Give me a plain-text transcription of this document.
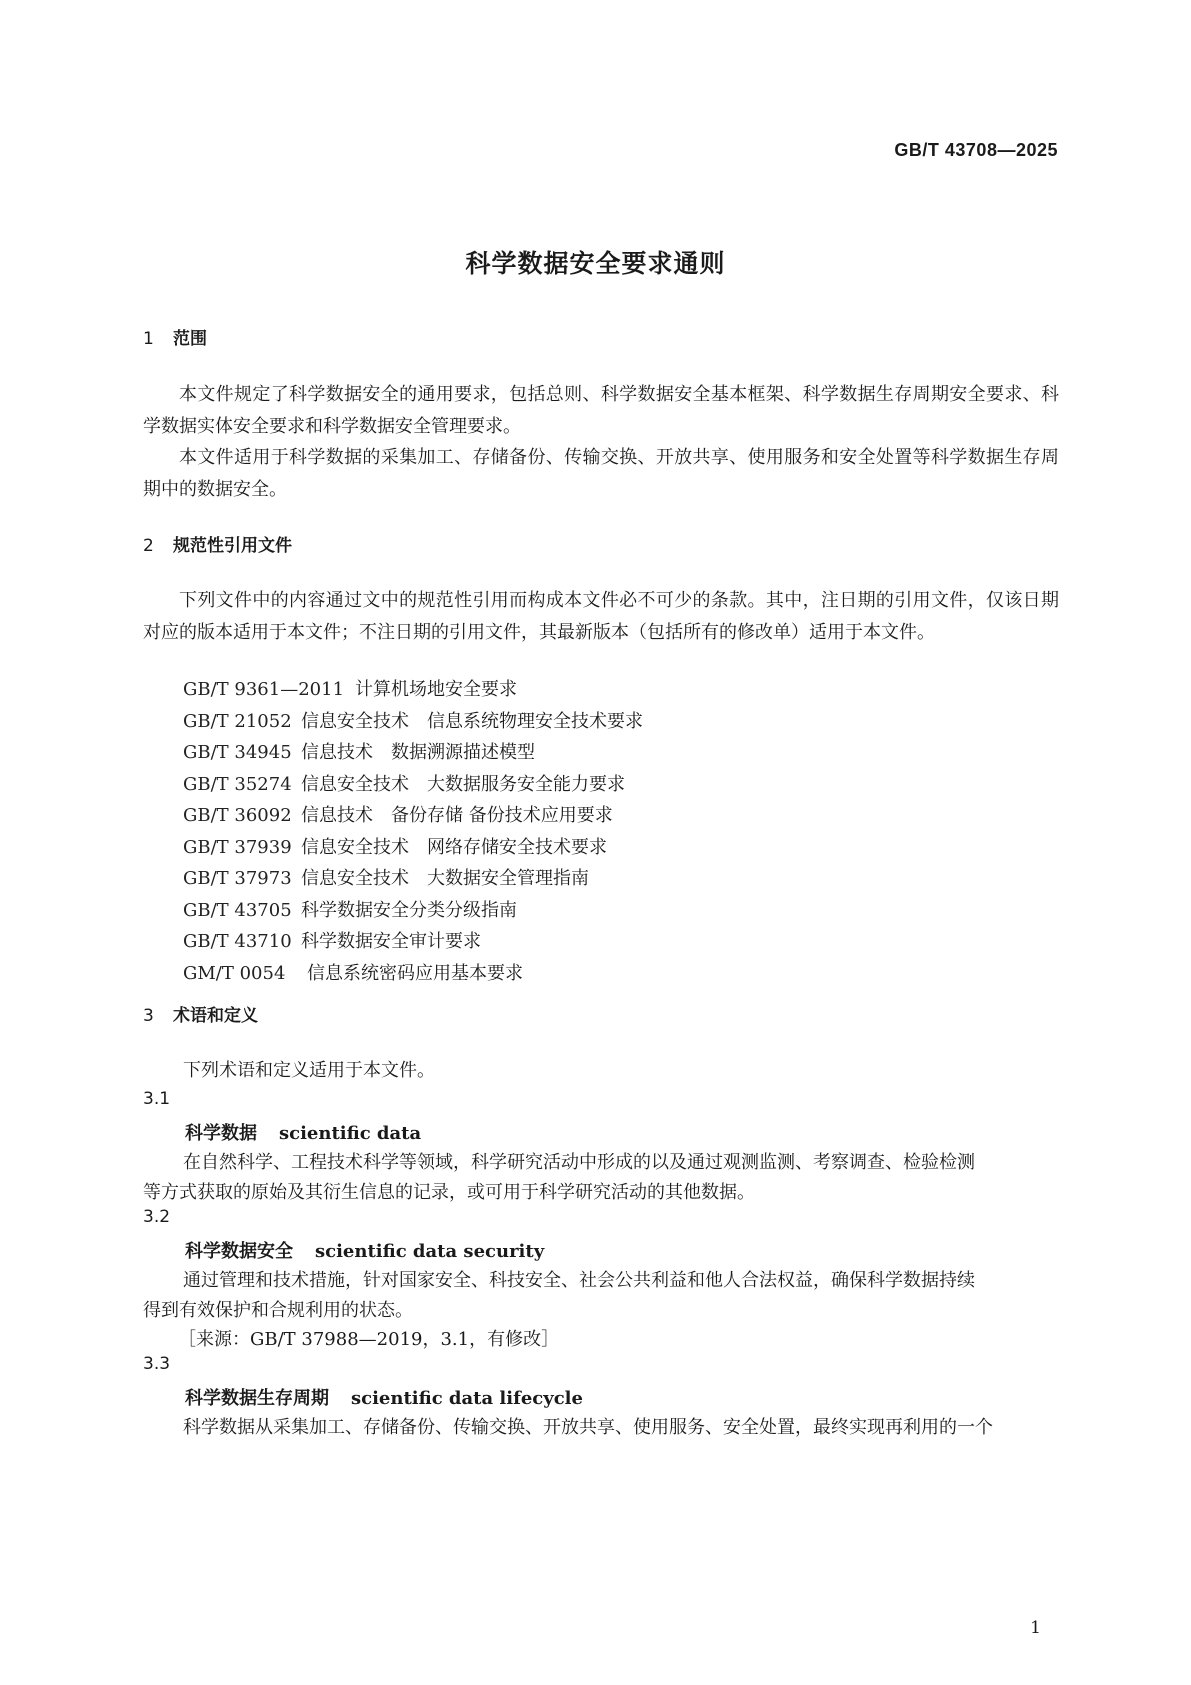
GB/T 43708—2025
科学数据安全要求通则
1 范围

本文件规定了科学数据安全的通用要求，包括总则、科学数据安全基本框架、科学数据生存周期安全要求、科学数据实体安全要求和科学数据安全管理要求。

本文件适用于科学数据的采集加工、存储备份、传输交换、开放共享、使用服务和安全处置等科学数据生存周期中的数据安全。

2 规范性引用文件

下列文件中的内容通过文中的规范性引用而构成本文件必不可少的条款。其中，注日期的引用文件，仅该日期对应的版本适用于本文件；不注日期的引用文件，其最新版本（包括所有的修改单）适用于本文件。

GB/T 9361—2011 计算机场地安全要求
GB/T 21052 信息安全技术　信息系统物理安全技术要求
GB/T 34945 信息技术　数据溯源描述模型
GB/T 35274 信息安全技术　大数据服务安全能力要求
GB/T 36092 信息技术　备份存储 备份技术应用要求
GB/T 37939 信息安全技术　网络存储安全技术要求
GB/T 37973 信息安全技术　大数据安全管理指南
GB/T 43705 科学数据安全分类分级指南
GB/T 43710 科学数据安全审计要求
GM/T 0054 信息系统密码应用基本要求
3 术语和定义
下列术语和定义适用于本文件。
3.1
科学数据 scientific data
在自然科学、工程技术科学等领域，科学研究活动中形成的以及通过观测监测、考察调查、检验检测
等方式获取的原始及其衍生信息的记录，或可用于科学研究活动的其他数据。
3.2
科学数据安全 scientific data security
通过管理和技术措施，针对国家安全、科技安全、社会公共利益和他人合法权益，确保科学数据持续
得到有效保护和合规利用的状态。
［来源：GB/T 37988—2019，3.1，有修改］
3.3
科学数据生存周期 scientific data lifecycle
科学数据从采集加工、存储备份、传输交换、开放共享、使用服务、安全处置，最终实现再利用的一个
1
